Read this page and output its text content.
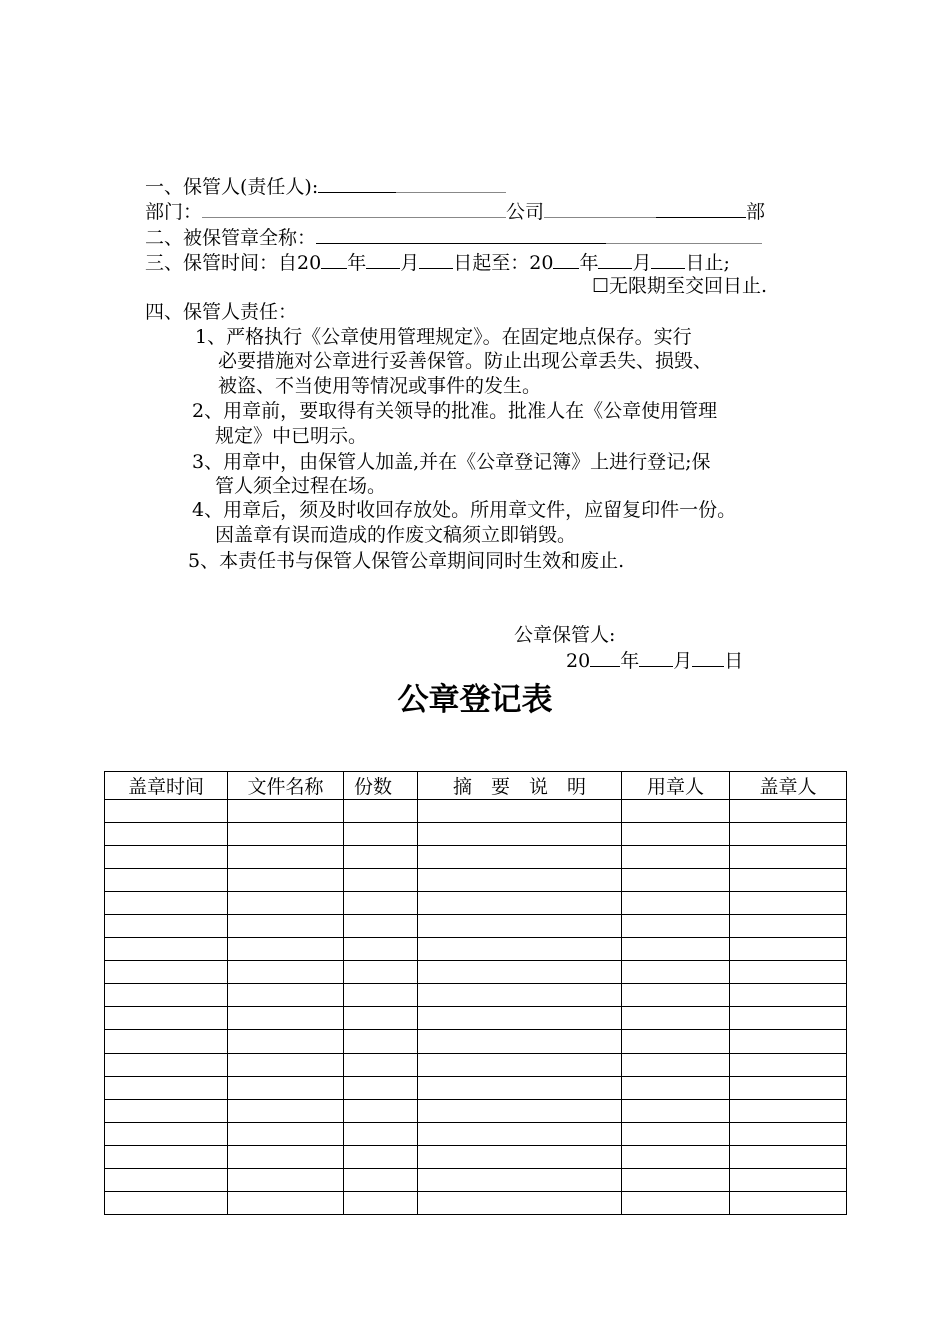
一、保管人(责任人):
部门：	公司	部
二、被保管章全称：
三、保管时间：自20 年 月 日起至：20 年 月 日止;
☐无限期至交回日止.
四、保管人责任：
1、严格执行《公章使用管理规定》。在固定地点保存。实行
必要措施对公章进行妥善保管。防止出现公章丢失、损毁、
被盗、不当使用等情况或事件的发生。
2、用章前，要取得有关领导的批准。批准人在《公章使用管理
规定》中已明示。
3、用章中，由保管人加盖,并在《公章登记簿》上进行登记;保
管人须全过程在场。
4、用章后，须及时收回存放处。所用章文件，应留复印件一份。
因盖章有误而造成的作废文稿须立即销毁。
5、本责任书与保管人保管公章期间同时生效和废止.
公章保管人:
20 年 月 日
公章登记表
盖章时间	文件名称	份数	摘　要　说　明	用章人	盖章人
